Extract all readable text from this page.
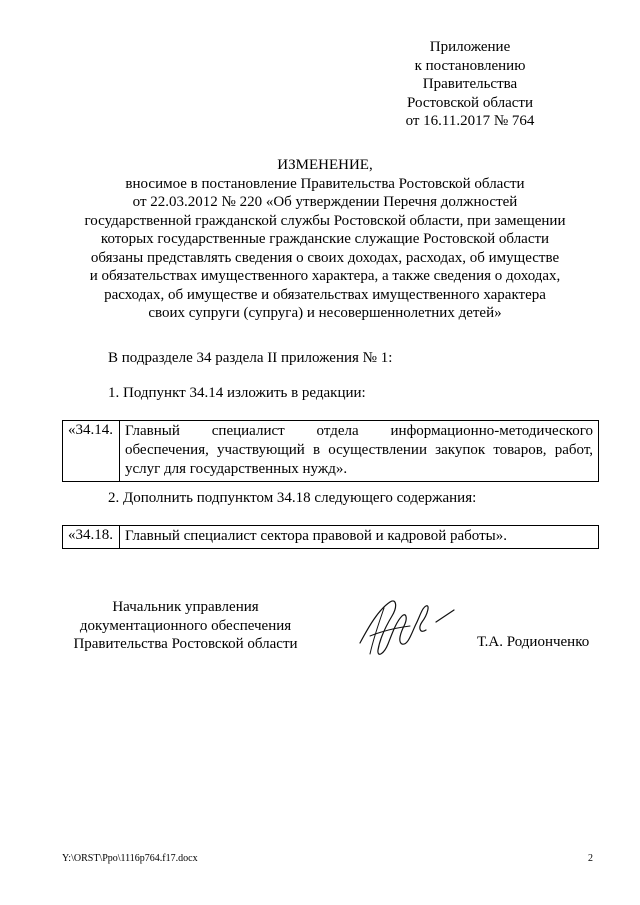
Приложение
к постановлению
Правительства
Ростовской области
от 16.11.2017 № 764
ИЗМЕНЕНИЕ,
вносимое в постановление Правительства Ростовской области
от 22.03.2012 № 220 «Об утверждении Перечня должностей
государственной гражданской службы Ростовской области, при замещении
которых государственные гражданские служащие Ростовской области
обязаны представлять сведения о своих доходах, расходах, об имуществе
и обязательствах имущественного характера, а также сведения о доходах,
расходах, об имуществе и обязательствах имущественного характера
своих супруги (супруга) и несовершеннолетних детей»
В подразделе 34 раздела II приложения № 1:
1. Подпункт 34.14 изложить в редакции:
«34.14.	Главный специалист отдела информационно-методического
обеспечения, участвующий в осуществлении закупок товаров, работ,
услуг для государственных нужд».
2. Дополнить подпунктом 34.18 следующего содержания:
«34.18.	Главный специалист сектора правовой и кадровой работы».
Начальник управления
документационного обеспечения
Правительства Ростовской области	Т.А. Родионченко
Y:\ORST\Ppo\1116p764.f17.docx	2
